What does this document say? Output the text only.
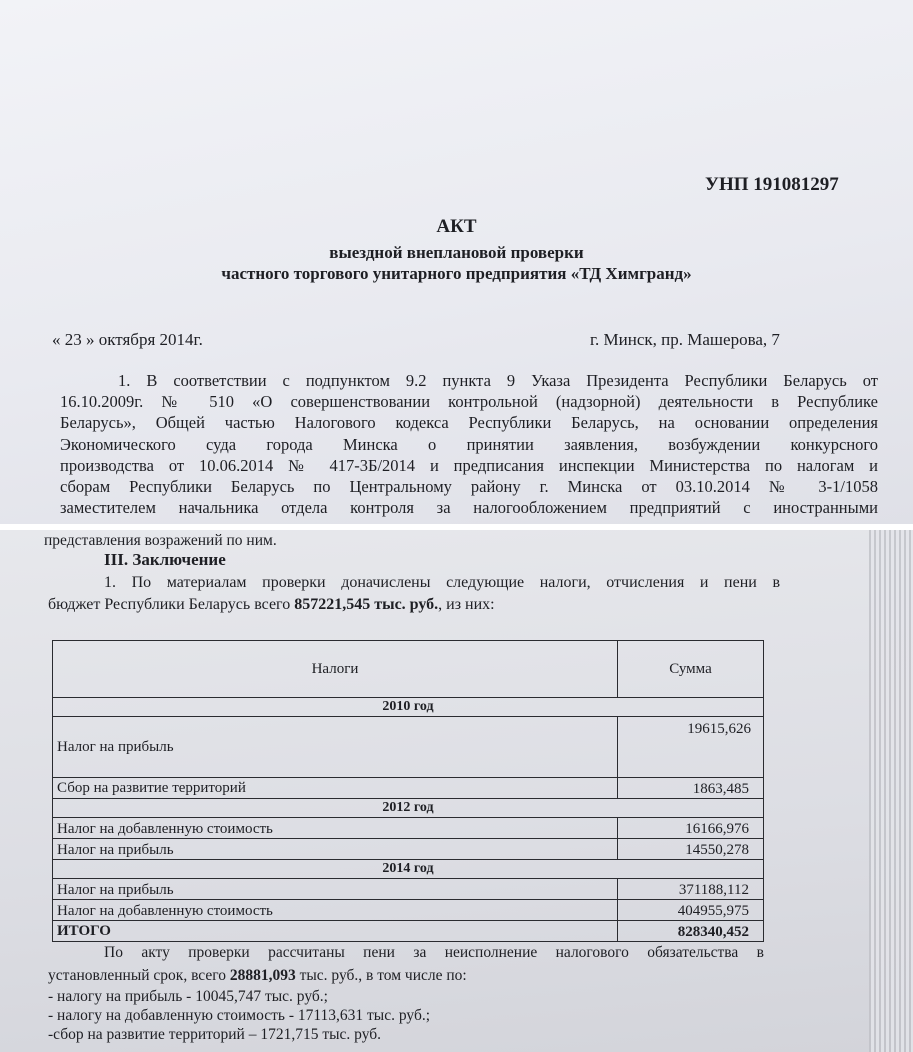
УНП 191081297
АКТ
выездной внеплановой проверки
частного торгового унитарного предприятия «ТД Химгранд»
« 23 » октября 2014г.	г. Минск, пр. Машерова, 7
1. В соответствии с подпунктом 9.2 пункта 9 Указа Президента Республики Беларусь от
16.10.2009г. № 510 «О совершенствовании контрольной (надзорной) деятельности в Республике
Беларусь», Общей частью Налогового кодекса Республики Беларусь, на основании определения
Экономического суда города Минска о принятии заявления, возбуждении конкурсного
производства от 10.06.2014 № 417-3Б/2014 и предписания инспекции Министерства по налогам и
сборам Республики Беларусь по Центральному району г. Минска от 03.10.2014 № 3-1/1058
заместителем начальника отдела контроля за налогообложением предприятий с иностранными
представления возражений по ним.
III. Заключение
1. По материалам проверки доначислены следующие налоги, отчисления и пени в
бюджет Республики Беларусь всего 857221,545 тыс. руб., из них:
Налоги	Сумма
2010 год	
Налог на прибыль	19615,626
Сбор на развитие территорий	1863,485
2012 год	
Налог на добавленную стоимость	16166,976
Налог на прибыль	14550,278
2014 год	
Налог на прибыль	371188,112
Налог на добавленную стоимость	404955,975
ИТОГО	828340,452
По акту проверки рассчитаны пени за неисполнение налогового обязательства в
установленный срок, всего 28881,093 тыс. руб., в том числе по:
- налогу на прибыль - 10045,747 тыс. руб.;
- налогу на добавленную стоимость - 17113,631 тыс. руб.;
-сбор на развитие территорий – 1721,715 тыс. руб.
